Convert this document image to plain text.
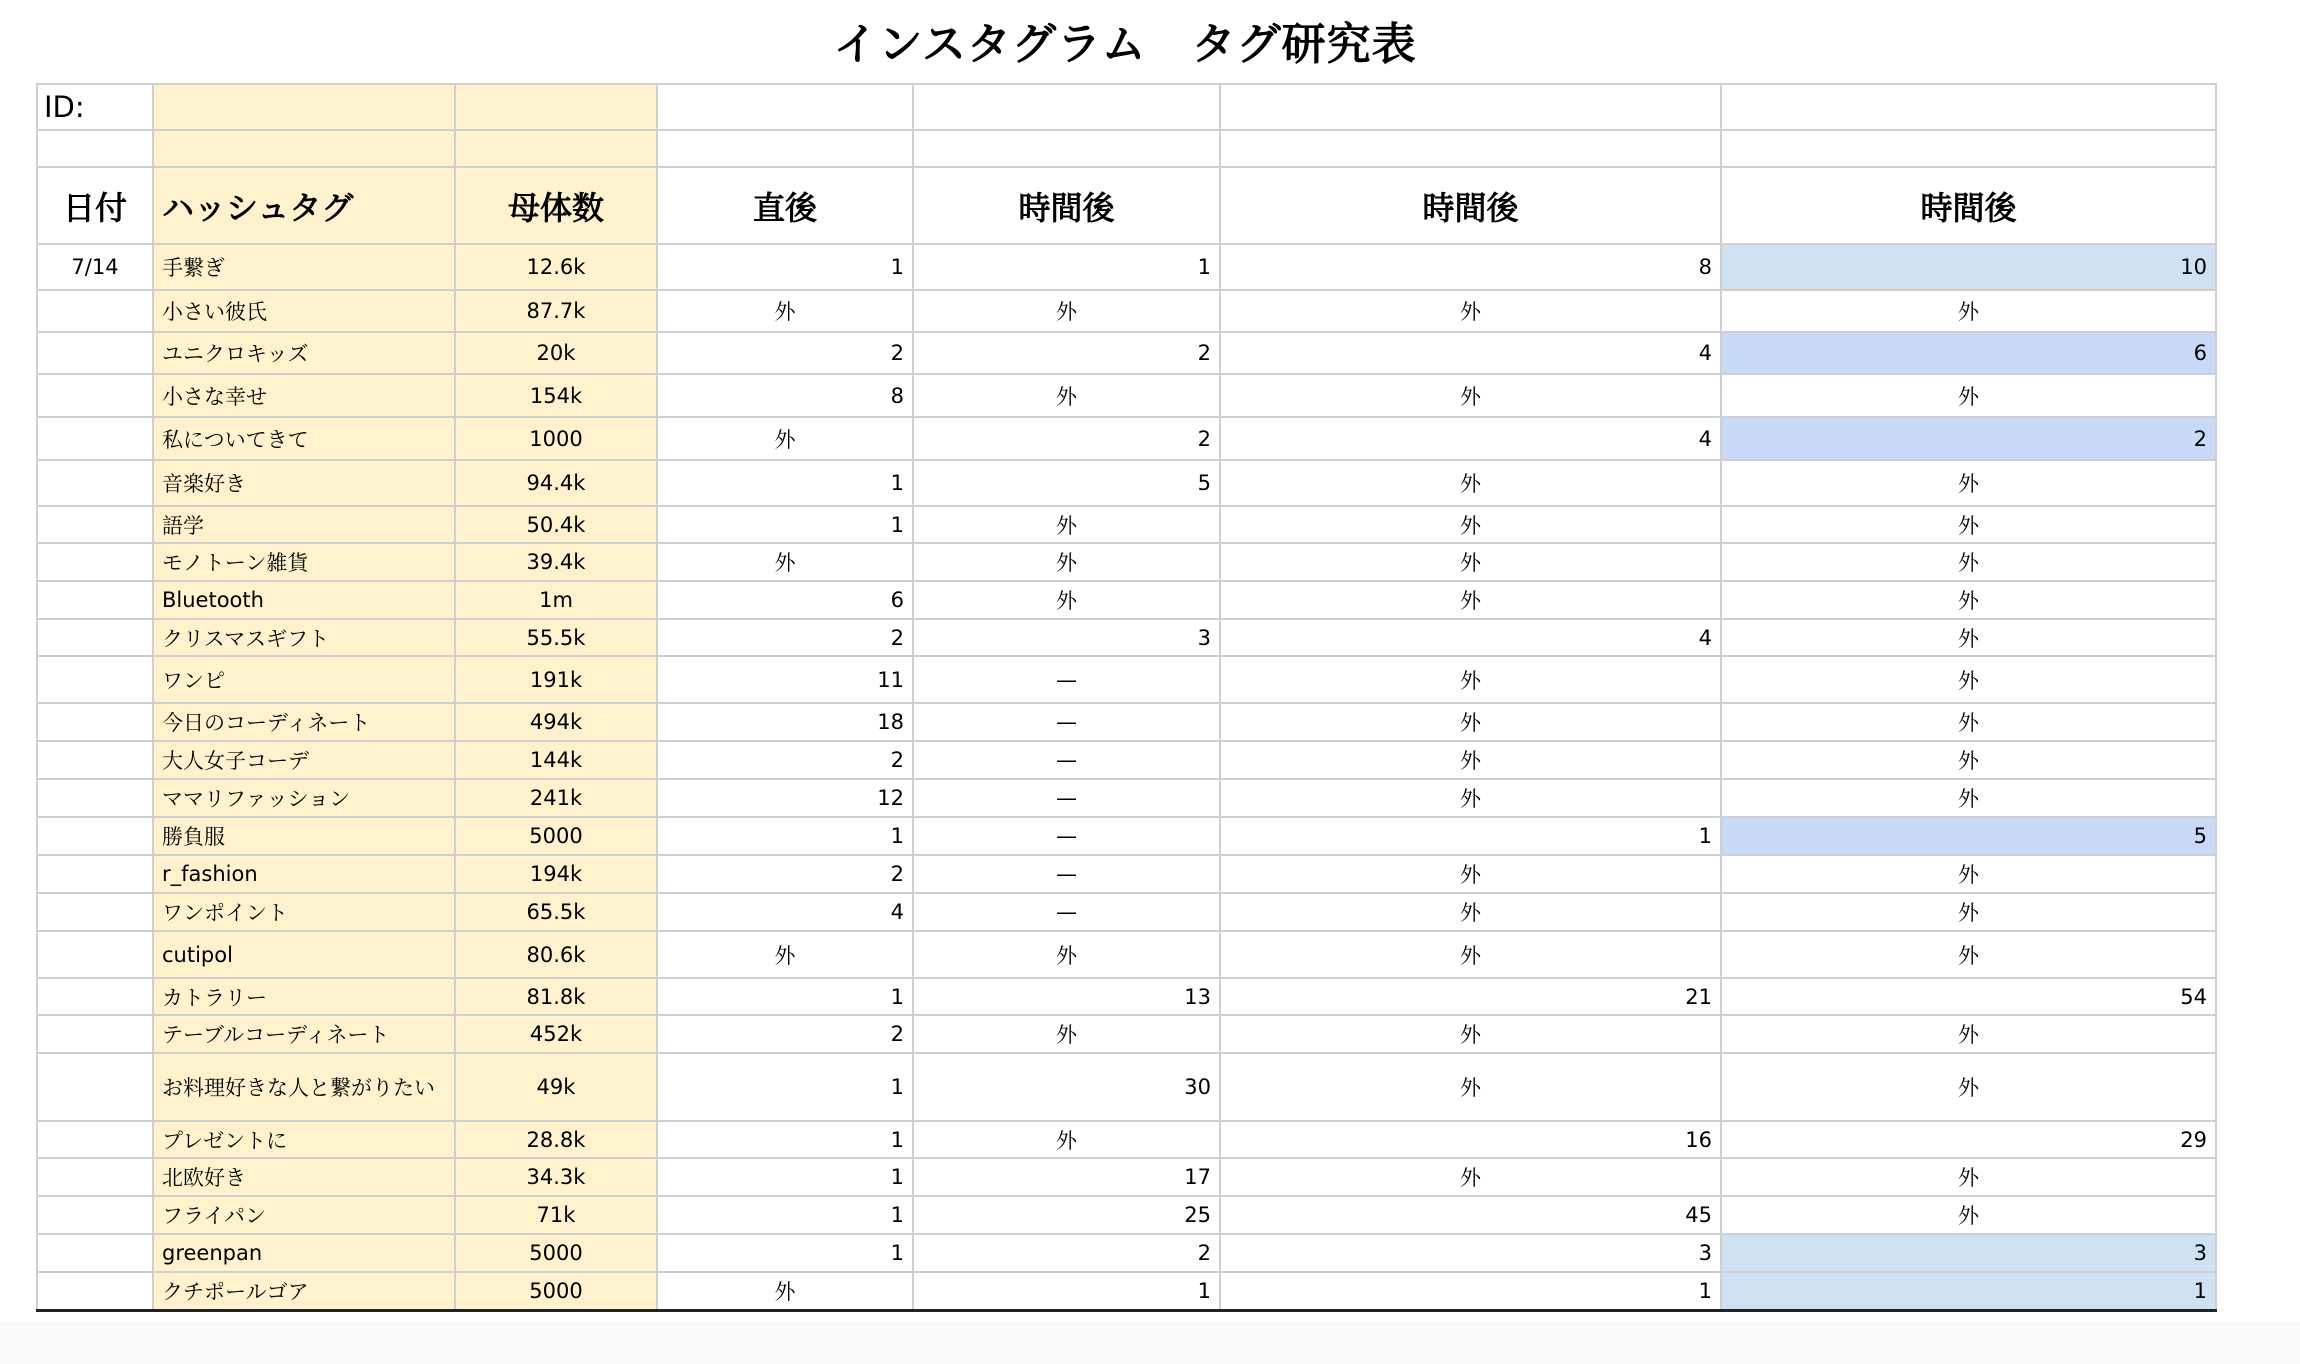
インスタグラム　タグ研究表
ID:						

日付	ハッシュタグ	母体数	直後	時間後	時間後	時間後
7/14	手繋ぎ	12.6k	1	1	8	10
	小さい彼氏	87.7k	外	外	外	外
	ユニクロキッズ	20k	2	2	4	6
	小さな幸せ	154k	8	外	外	外
	私についてきて	1000	外	2	4	2
	音楽好き	94.4k	1	5	外	外
	語学	50.4k	1	外	外	外
	モノトーン雑貨	39.4k	外	外	外	外
	Bluetooth	1m	6	外	外	外
	クリスマスギフト	55.5k	2	3	4	外
	ワンピ	191k	11	—	外	外
	今日のコーディネート	494k	18	—	外	外
	大人女子コーデ	144k	2	—	外	外
	ママリファッション	241k	12	—	外	外
	勝負服	5000	1	—	1	5
	r_fashion	194k	2	—	外	外
	ワンポイント	65.5k	4	—	外	外
	cutipol	80.6k	外	外	外	外
	カトラリー	81.8k	1	13	21	54
	テーブルコーディネート	452k	2	外	外	外
	お料理好きな人と繋がりたい	49k	1	30	外	外
	プレゼントに	28.8k	1	外	16	29
	北欧好き	34.3k	1	17	外	外
	フライパン	71k	1	25	45	外
	greenpan	5000	1	2	3	3
	クチポールゴア	5000	外	1	1	1
